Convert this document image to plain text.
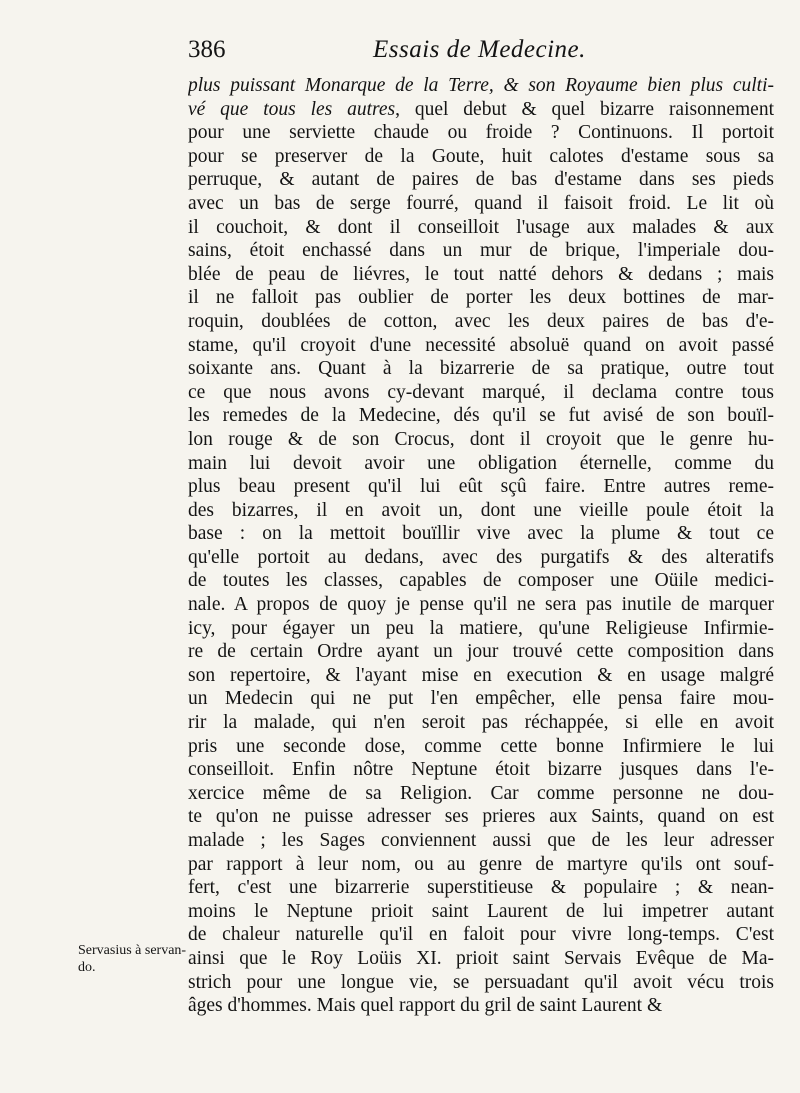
386	Essais de Medecine.
plus puissant Monarque de la Terre, & son Royaume bien plus culti-
vé que tous les autres, quel debut & quel bizarre raisonnement
pour une serviette chaude ou froide ? Continuons. Il portoit
pour se preserver de la Goute, huit calotes d'estame sous sa
perruque, & autant de paires de bas d'estame dans ses pieds
avec un bas de serge fourré, quand il faisoit froid. Le lit où
il couchoit, & dont il conseilloit l'usage aux malades & aux
sains, étoit enchassé dans un mur de brique, l'imperiale dou-
blée de peau de liévres, le tout natté dehors & dedans ; mais
il ne falloit pas oublier de porter les deux bottines de mar-
roquin, doublées de cotton, avec les deux paires de bas d'e-
stame, qu'il croyoit d'une necessité absoluë quand on avoit passé
soixante ans. Quant à la bizarrerie de sa pratique, outre tout
ce que nous avons cy-devant marqué, il declama contre tous
les remedes de la Medecine, dés qu'il se fut avisé de son bouïl-
lon rouge & de son Crocus, dont il croyoit que le genre hu-
main lui devoit avoir une obligation éternelle, comme du
plus beau present qu'il lui eût sçû faire. Entre autres reme-
des bizarres, il en avoit un, dont une vieille poule étoit la
base : on la mettoit bouïllir vive avec la plume & tout ce
qu'elle portoit au dedans, avec des purgatifs & des alteratifs
de toutes les classes, capables de composer une Oüile medici-
nale. A propos de quoy je pense qu'il ne sera pas inutile de marquer
icy, pour égayer un peu la matiere, qu'une Religieuse Infirmie-
re de certain Ordre ayant un jour trouvé cette composition dans
son repertoire, & l'ayant mise en execution & en usage malgré
un Medecin qui ne put l'en empêcher, elle pensa faire mou-
rir la malade, qui n'en seroit pas réchappée, si elle en avoit
pris une seconde dose, comme cette bonne Infirmiere le lui
conseilloit. Enfin nôtre Neptune étoit bizarre jusques dans l'e-
xercice même de sa Religion. Car comme personne ne dou-
te qu'on ne puisse adresser ses prieres aux Saints, quand on est
malade ; les Sages conviennent aussi que de les leur adresser
par rapport à leur nom, ou au genre de martyre qu'ils ont souf-
fert, c'est une bizarrerie superstitieuse & populaire ; & nean-
moins le Neptune prioit saint Laurent de lui impetrer autant
de chaleur naturelle qu'il en faloit pour vivre long-temps. C'est
ainsi que le Roy Loüis XI. prioit saint Servais Evêque de Ma-
strich pour une longue vie, se persuadant qu'il avoit vécu trois
âges d'hommes. Mais quel rapport du gril de saint Laurent &
Servasius à servan-do.
